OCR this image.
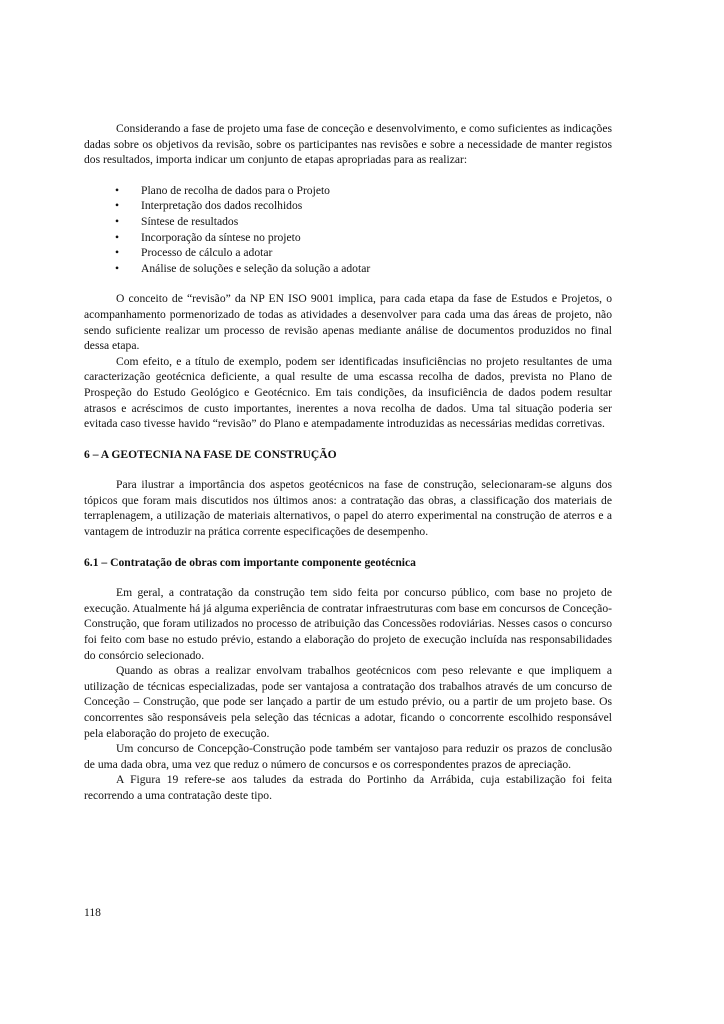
Considerando a fase de projeto uma fase de conceção e desenvolvimento, e como suficientes as indicações dadas sobre os objetivos da revisão, sobre os participantes nas revisões e sobre a necessidade de manter registos dos resultados, importa indicar um conjunto de etapas apropriadas para as realizar:

• Plano de recolha de dados para o Projeto
• Interpretação dos dados recolhidos
• Síntese de resultados
• Incorporação da síntese no projeto
• Processo de cálculo a adotar
• Análise de soluções e seleção da solução a adotar

O conceito de “revisão” da NP EN ISO 9001 implica, para cada etapa da fase de Estudos e Projetos, o acompanhamento pormenorizado de todas as atividades a desenvolver para cada uma das áreas de projeto, não sendo suficiente realizar um processo de revisão apenas mediante análise de documentos produzidos no final dessa etapa.

Com efeito, e a título de exemplo, podem ser identificadas insuficiências no projeto resultantes de uma caracterização geotécnica deficiente, a qual resulte de uma escassa recolha de dados, prevista no Plano de Prospeção do Estudo Geológico e Geotécnico. Em tais condições, da insuficiência de dados podem resultar atrasos e acréscimos de custo importantes, inerentes a nova recolha de dados. Uma tal situação poderia ser evitada caso tivesse havido “revisão” do Plano e atempadamente introduzidas as necessárias medidas corretivas.

6 – A GEOTECNIA NA FASE DE CONSTRUÇÃO

Para ilustrar a importância dos aspetos geotécnicos na fase de construção, selecionaram-se alguns dos tópicos que foram mais discutidos nos últimos anos: a contratação das obras, a classificação dos materiais de terraplenagem, a utilização de materiais alternativos, o papel do aterro experimental na construção de aterros e a vantagem de introduzir na prática corrente especificações de desempenho.

6.1 – Contratação de obras com importante componente geotécnica

Em geral, a contratação da construção tem sido feita por concurso público, com base no projeto de execução. Atualmente há já alguma experiência de contratar infraestruturas com base em concursos de Conceção-Construção, que foram utilizados no processo de atribuição das Concessões rodoviárias. Nesses casos o concurso foi feito com base no estudo prévio, estando a elaboração do projeto de execução incluída nas responsabilidades do consórcio selecionado.

Quando as obras a realizar envolvam trabalhos geotécnicos com peso relevante e que impliquem a utilização de técnicas especializadas, pode ser vantajosa a contratação dos trabalhos através de um concurso de Conceção – Construção, que pode ser lançado a partir de um estudo prévio, ou a partir de um projeto base. Os concorrentes são responsáveis pela seleção das técnicas a adotar, ficando o concorrente escolhido responsável pela elaboração do projeto de execução.

Um concurso de Concepção-Construção pode também ser vantajoso para reduzir os prazos de conclusão de uma dada obra, uma vez que reduz o número de concursos e os correspondentes prazos de apreciação.

A Figura 19 refere-se aos taludes da estrada do Portinho da Arrábida, cuja estabilização foi feita recorrendo a uma contratação deste tipo.

118
